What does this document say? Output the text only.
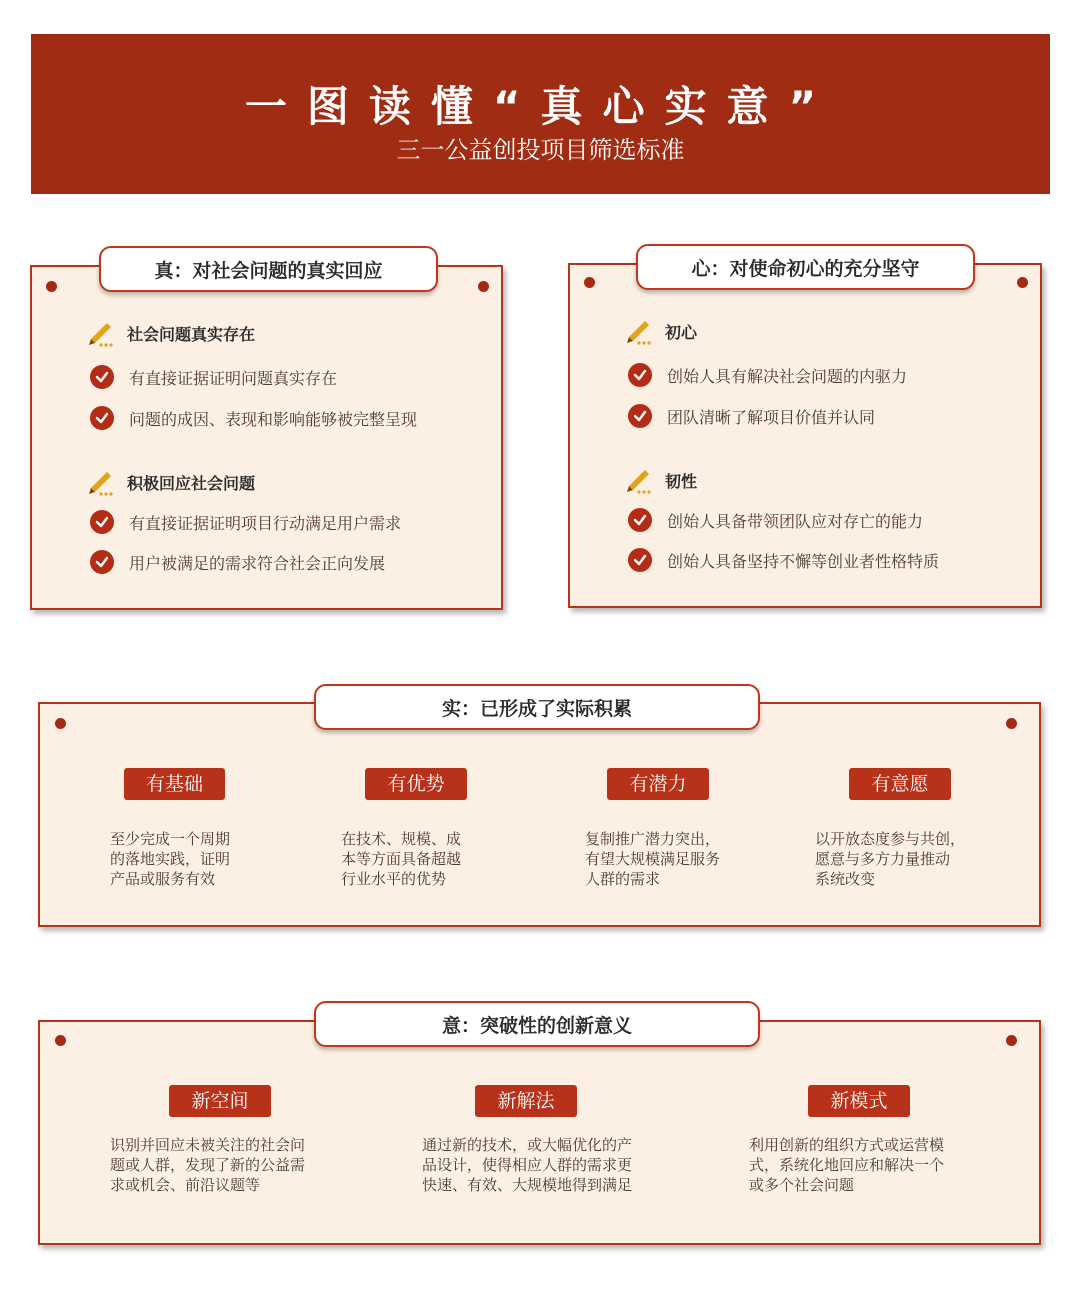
一图读懂“真心实意”
三一公益创投项目筛选标准
社会问题真实存在
有直接证据证明问题真实存在
问题的成因、表现和影响能够被完整呈现
积极回应社会问题
有直接证据证明项目行动满足用户需求
用户被满足的需求符合社会正向发展
真：对社会问题的真实回应
初心
创始人具有解决社会问题的内驱力
团队清晰了解项目价值并认同
韧性
创始人具备带领团队应对存亡的能力
创始人具备坚持不懈等创业者性格特质
心：对使命初心的充分坚守
有基础
至少完成一个周期
的落地实践，证明
产品或服务有效
有优势
在技术、规模、成
本等方面具备超越
行业水平的优势
有潜力
复制推广潜力突出，
有望大规模满足服务
人群的需求
有意愿
以开放态度参与共创，
愿意与多方力量推动
系统改变
实：已形成了实际积累
新空间
识别并回应未被关注的社会问
题或人群，发现了新的公益需
求或机会、前沿议题等
新解法
通过新的技术，或大幅优化的产
品设计，使得相应人群的需求更
快速、有效、大规模地得到满足
新模式
利用创新的组织方式或运营模
式，系统化地回应和解决一个
或多个社会问题
意：突破性的创新意义
